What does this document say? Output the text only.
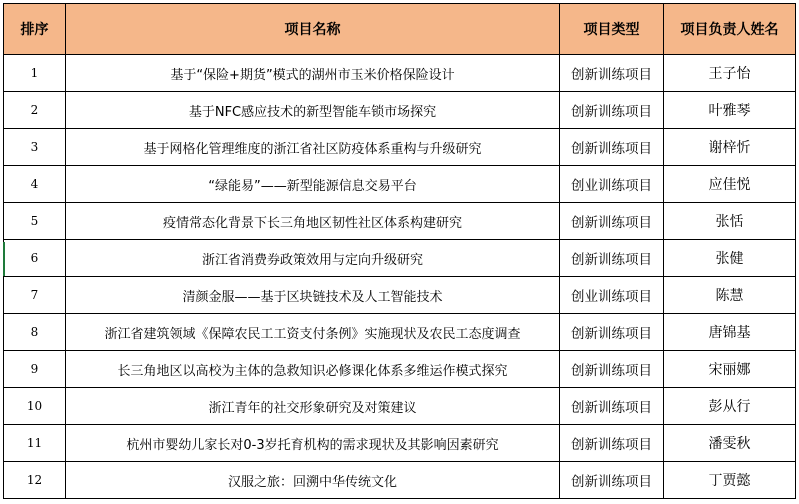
排序	项目名称	项目类型	项目负责人姓名
1	基于“保险+期货”模式的湖州市玉米价格保险设计	创新训练项目	王子怡
2	基于NFC感应技术的新型智能车锁市场探究	创新训练项目	叶雅琴
3	基于网格化管理维度的浙江省社区防疫体系重构与升级研究	创新训练项目	谢梓忻
4	“绿能易”——新型能源信息交易平台	创业训练项目	应佳悦
5	疫情常态化背景下长三角地区韧性社区体系构建研究	创新训练项目	张恬
6	浙江省消费券政策效用与定向升级研究	创新训练项目	张健
7	清颜金服——基于区块链技术及人工智能技术	创业训练项目	陈慧
8	浙江省建筑领域《保障农民工工资支付条例》实施现状及农民工态度调查	创新训练项目	唐锦基
9	长三角地区以高校为主体的急救知识必修课化体系多维运作模式探究	创新训练项目	宋丽娜
10	浙江青年的社交形象研究及对策建议	创新训练项目	彭从行
11	杭州市婴幼儿家长对0-3岁托育机构的需求现状及其影响因素研究	创新训练项目	潘雯秋
12	汉服之旅：回溯中华传统文化	创新训练项目	丁贾懿
